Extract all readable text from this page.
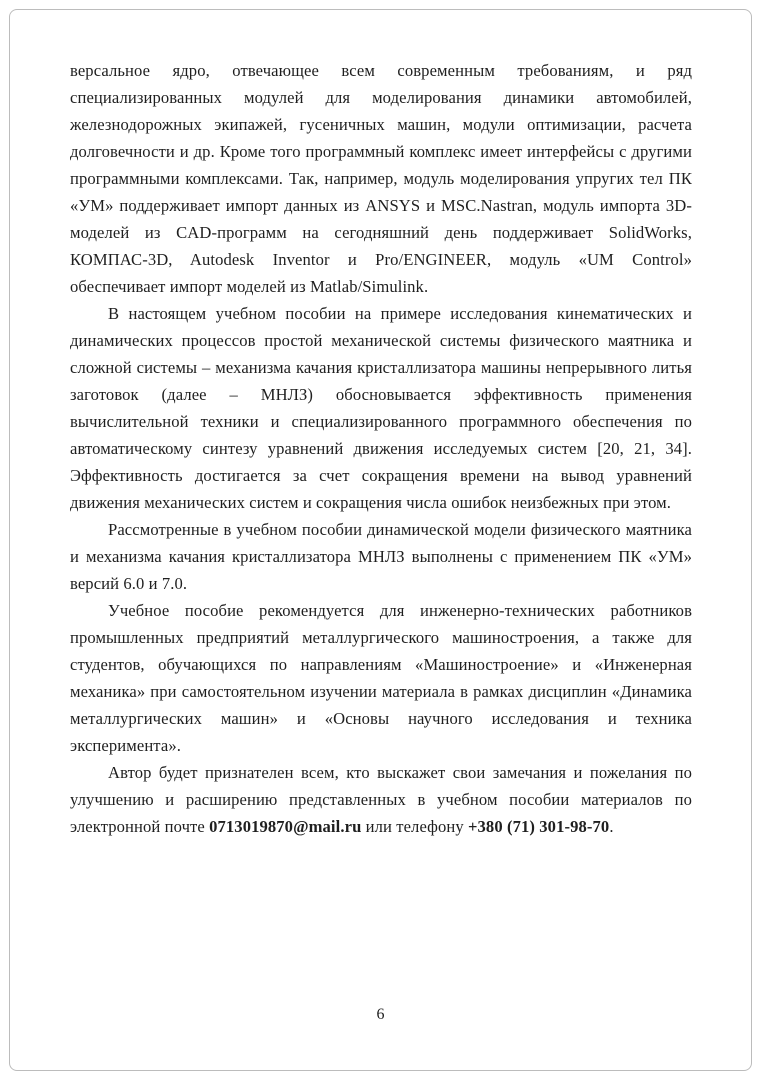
версальное ядро, отвечающее всем современным требованиям, и ряд специализированных модулей для моделирования динамики автомобилей, железнодорожных экипажей, гусеничных машин, модули оптимизации, расчета долговечности и др. Кроме того программный комплекс имеет интерфейсы с другими программными комплексами. Так, например, модуль моделирования упругих тел ПК «УМ» поддерживает импорт данных из ANSYS и MSC.Nastran, модуль импорта 3D-моделей из CAD-программ на сегодняшний день поддерживает SolidWorks, КОМПАС-3D, Autodesk Inventor и Pro/ENGINEER, модуль «UM Control» обеспечивает импорт моделей из Matlab/Simulink.

В настоящем учебном пособии на примере исследования кинематических и динамических процессов простой механической системы физического маятника и сложной системы – механизма качания кристаллизатора машины непрерывного литья заготовок (далее – МНЛЗ) обосновывается эффективность применения вычислительной техники и специализированного программного обеспечения по автоматическому синтезу уравнений движения исследуемых систем [20, 21, 34]. Эффективность достигается за счет сокращения времени на вывод уравнений движения механических систем и сокращения числа ошибок неизбежных при этом.

Рассмотренные в учебном пособии динамической модели физического маятника и механизма качания кристаллизатора МНЛЗ выполнены с применением ПК «УМ» версий 6.0 и 7.0.

Учебное пособие рекомендуется для инженерно-технических работников промышленных предприятий металлургического машиностроения, а также для студентов, обучающихся по направлениям «Машиностроение» и «Инженерная механика» при самостоятельном изучении материала в рамках дисциплин «Динамика металлургических машин» и «Основы научного исследования и техника эксперимента».

Автор будет признателен всем, кто выскажет свои замечания и пожелания по улучшению и расширению представленных в учебном пособии материалов по электронной почте 0713019870@mail.ru или телефону +380 (71) 301-98-70.

6
